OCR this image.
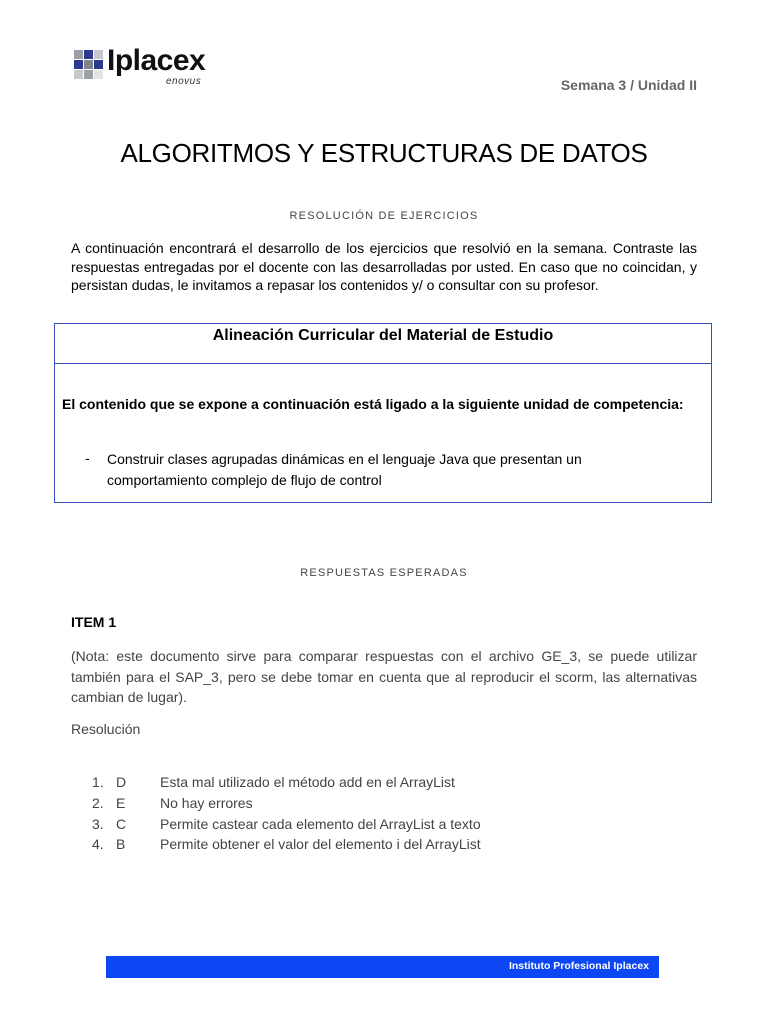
Iplacex
enovus	Semana 3 / Unidad II
ALGORITMOS Y ESTRUCTURAS DE DATOS
RESOLUCIÓN DE EJERCICIOS
A continuación encontrará el desarrollo de los ejercicios que resolvió en la semana. Contraste las respuestas entregadas por el docente con las desarrolladas por usted. En caso que no coincidan, y persistan dudas, le invitamos a repasar los contenidos y/ o consultar con su profesor.
Alineación Curricular del Material de Estudio
El contenido que se expone a continuación está ligado a la siguiente unidad de competencia:
- Construir clases agrupadas dinámicas en el lenguaje Java que presentan un comportamiento complejo de flujo de control
RESPUESTAS ESPERADAS
ITEM 1
(Nota: este documento sirve para comparar respuestas con el archivo GE_3, se puede utilizar también para el SAP_3, pero se debe tomar en cuenta que al reproducir el scorm, las alternativas cambian de lugar).
Resolución
1. D Esta mal utilizado el método add en el ArrayList
2. E No hay errores
3. C Permite castear cada elemento del ArrayList a texto
4. B Permite obtener el valor del elemento i del ArrayList
Instituto Profesional Iplacex
